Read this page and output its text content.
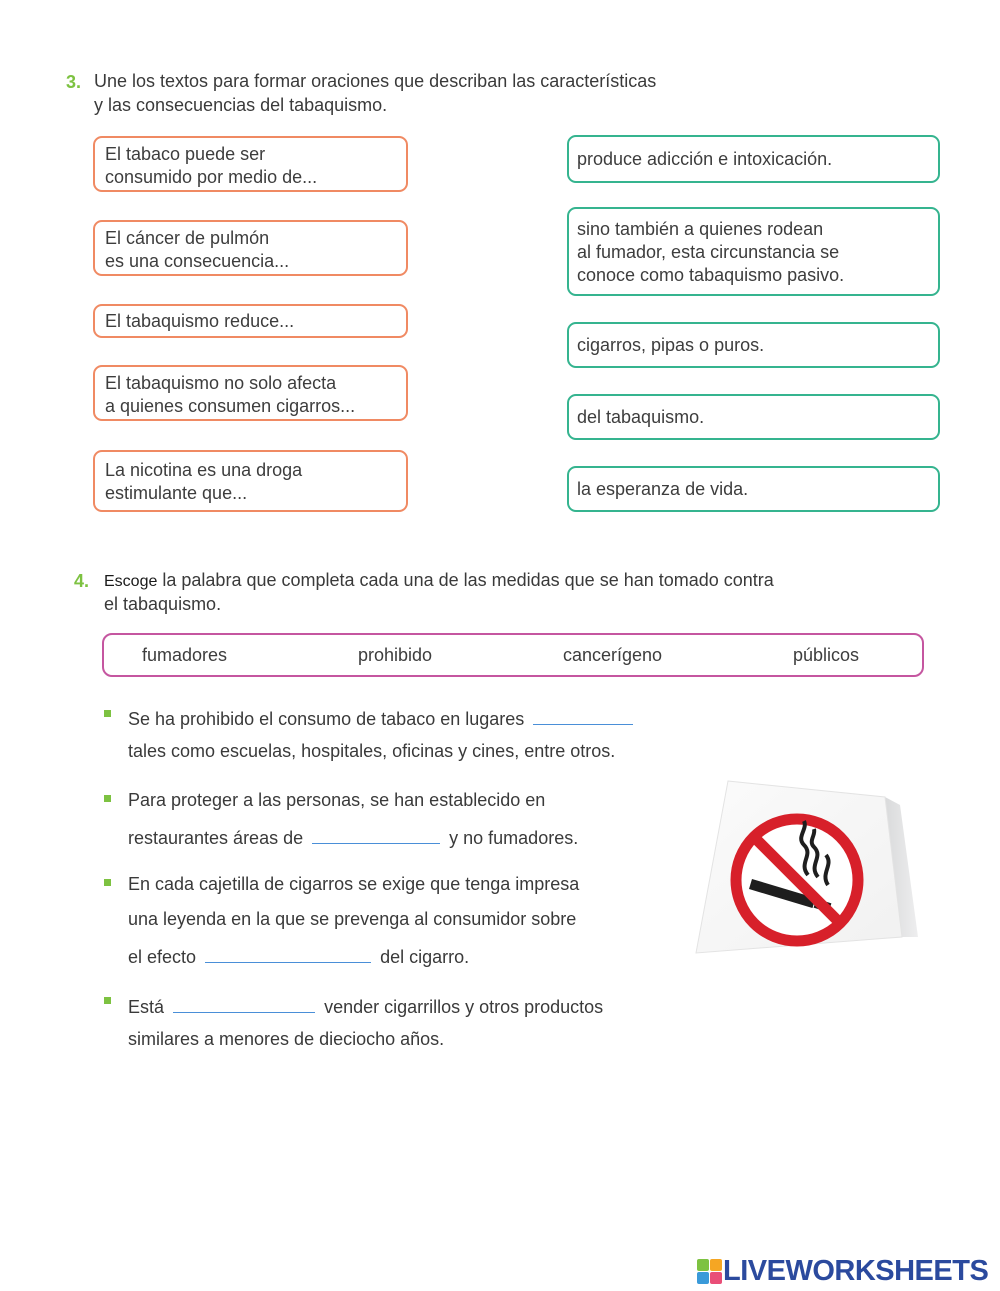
3. Une los textos para formar oraciones que describan las características
y las consecuencias del tabaquismo.
El tabaco puede ser
consumido por medio de...
El cáncer de pulmón
es una consecuencia...
El tabaquismo reduce...
El tabaquismo no solo afecta
a quienes consumen cigarros...
La nicotina es una droga
estimulante que...
produce adicción e intoxicación.
sino también a quienes rodean
al fumador, esta circunstancia se
conoce como tabaquismo pasivo.
cigarros, pipas o puros.
del tabaquismo.
la esperanza de vida.
4. Escoge la palabra que completa cada una de las medidas que se han tomado contra
el tabaquismo.
fumadores	prohibido	cancerígeno	públicos
Se ha prohibido el consumo de tabaco en lugares
tales como escuelas, hospitales, oficinas y cines, entre otros.
Para proteger a las personas, se han establecido en
restaurantes áreas de	y no fumadores.
En cada cajetilla de cigarros se exige que tenga impresa
una leyenda en la que se prevenga al consumidor sobre
el efecto	del cigarro.
Está	vender cigarrillos y otros productos
similares a menores de dieciocho años.
LIVEWORKSHEETS
